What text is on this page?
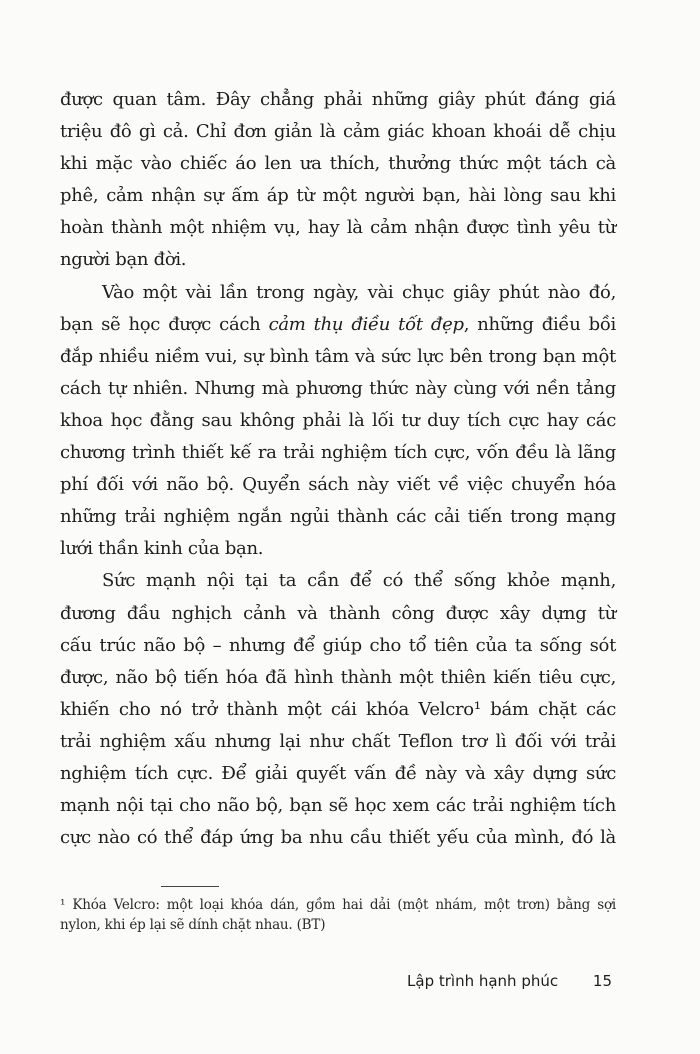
được quan tâm. Đây chẳng phải những giây phút đáng giá
triệu đô gì cả. Chỉ đơn giản là cảm giác khoan khoái dễ chịu
khi mặc vào chiếc áo len ưa thích, thưởng thức một tách cà
phê, cảm nhận sự ấm áp từ một người bạn, hài lòng sau khi
hoàn thành một nhiệm vụ, hay là cảm nhận được tình yêu từ
người bạn đời.
Vào một vài lần trong ngày, vài chục giây phút nào đó,
bạn sẽ học được cách cảm thụ điều tốt đẹp, những điều bồi
đắp nhiều niềm vui, sự bình tâm và sức lực bên trong bạn một
cách tự nhiên. Nhưng mà phương thức này cùng với nền tảng
khoa học đằng sau không phải là lối tư duy tích cực hay các
chương trình thiết kế ra trải nghiệm tích cực, vốn đều là lãng
phí đối với não bộ. Quyển sách này viết về việc chuyển hóa
những trải nghiệm ngắn ngủi thành các cải tiến trong mạng
lưới thần kinh của bạn.
Sức mạnh nội tại ta cần để có thể sống khỏe mạnh,
đương đầu nghịch cảnh và thành công được xây dựng từ
cấu trúc não bộ – nhưng để giúp cho tổ tiên của ta sống sót
được, não bộ tiến hóa đã hình thành một thiên kiến tiêu cực,
khiến cho nó trở thành một cái khóa Velcro¹ bám chặt các
trải nghiệm xấu nhưng lại như chất Teflon trơ lì đối với trải
nghiệm tích cực. Để giải quyết vấn đề này và xây dựng sức
mạnh nội tại cho não bộ, bạn sẽ học xem các trải nghiệm tích
cực nào có thể đáp ứng ba nhu cầu thiết yếu của mình, đó là
¹ Khóa Velcro: một loại khóa dán, gồm hai dải (một nhám, một trơn) bằng sợi
nylon, khi ép lại sẽ dính chặt nhau. (BT)
Lập trình hạnh phúc 15
